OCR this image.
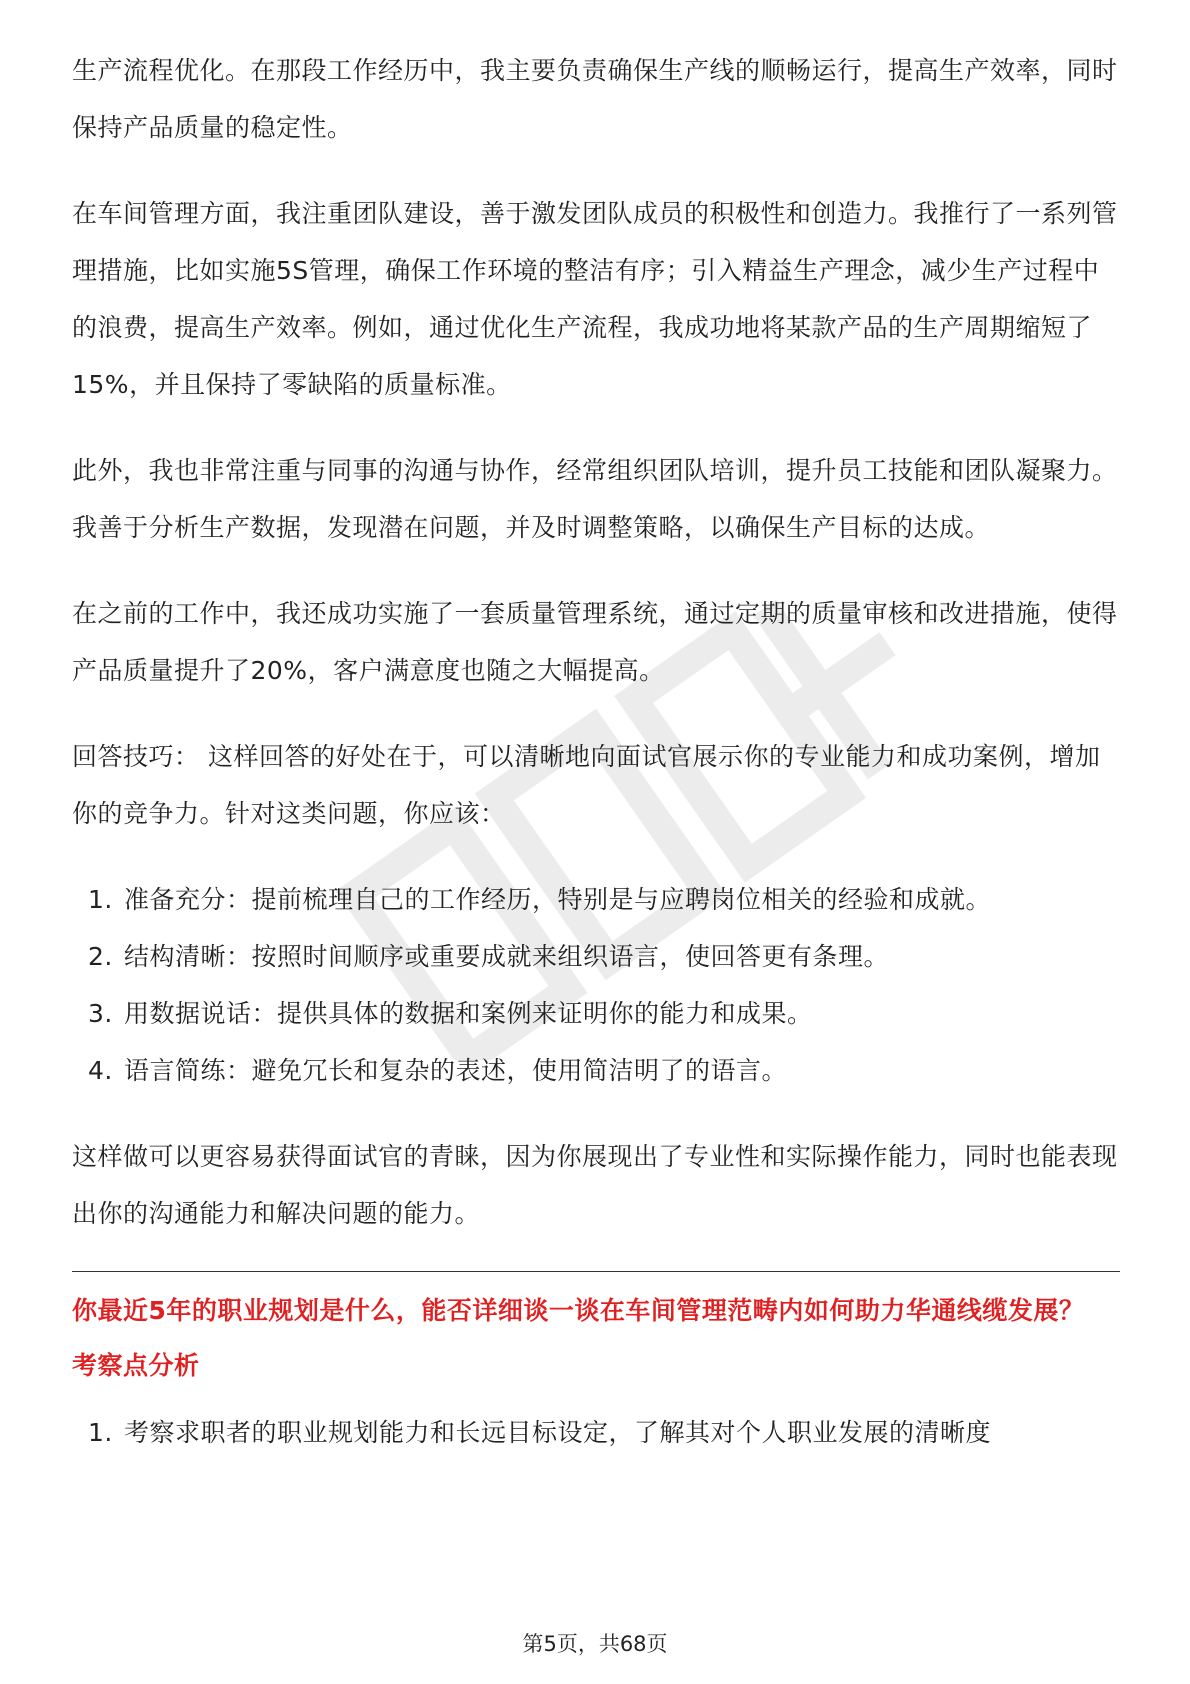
生产流程优化。在那段工作经历中，我主要负责确保生产线的顺畅运行，提高生产效率，同时保持产品质量的稳定性。

在车间管理方面，我注重团队建设，善于激发团队成员的积极性和创造力。我推行了一系列管理措施，比如实施5S管理，确保工作环境的整洁有序；引入精益生产理念，减少生产过程中的浪费，提高生产效率。例如，通过优化生产流程，我成功地将某款产品的生产周期缩短了15%，并且保持了零缺陷的质量标准。

此外，我也非常注重与同事的沟通与协作，经常组织团队培训，提升员工技能和团队凝聚力。我善于分析生产数据，发现潜在问题，并及时调整策略，以确保生产目标的达成。

在之前的工作中，我还成功实施了一套质量管理系统，通过定期的质量审核和改进措施，使得产品质量提升了20%，客户满意度也随之大幅提高。

回答技巧： 这样回答的好处在于，可以清晰地向面试官展示你的专业能力和成功案例，增加你的竞争力。针对这类问题，你应该：

1. 准备充分：提前梳理自己的工作经历，特别是与应聘岗位相关的经验和成就。
2. 结构清晰：按照时间顺序或重要成就来组织语言，使回答更有条理。
3. 用数据说话：提供具体的数据和案例来证明你的能力和成果。
4. 语言简练：避免冗长和复杂的表述，使用简洁明了的语言。

这样做可以更容易获得面试官的青睐，因为你展现出了专业性和实际操作能力，同时也能表现出你的沟通能力和解决问题的能力。

你最近5年的职业规划是什么，能否详细谈一谈在车间管理范畴内如何助力华通线缆发展？
考察点分析
1. 考察求职者的职业规划能力和长远目标设定，了解其对个人职业发展的清晰度
第5页，共68页
